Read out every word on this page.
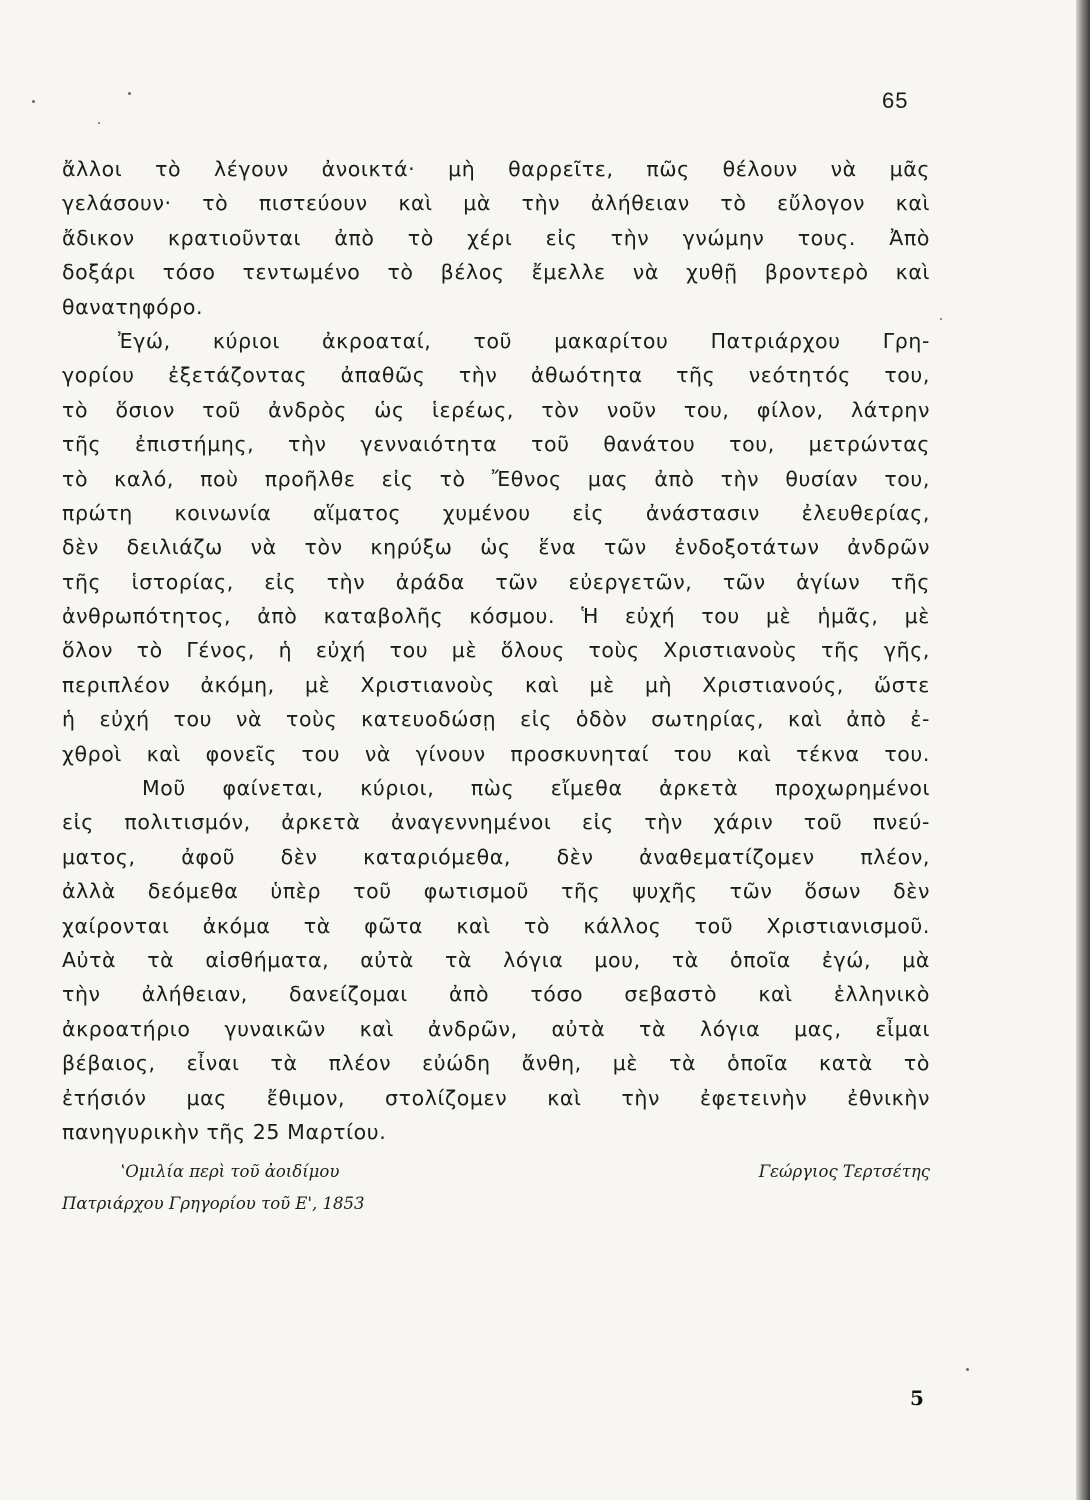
65
ἄλλοι τὸ λέγουν ἀνοικτά· μὴ θαρρεῖτε, πῶς θέλουν νὰ μᾶς
γελάσουν· τὸ πιστεύουν καὶ μὰ τὴν ἀλήθειαν τὸ εὔλογον καὶ
ἄδικον κρατιοῦνται ἀπὸ τὸ χέρι εἰς τὴν γνώμην τους. Ἀπὸ
δοξάρι τόσο τεντωμένο τὸ βέλος ἔμελλε νὰ χυθῇ βροντερὸ καὶ
θανατηφόρο.
Ἐγώ, κύριοι ἀκροαταί, τοῦ μακαρίτου Πατριάρχου Γρη-
γορίου ἐξετάζοντας ἀπαθῶς τὴν ἀθωότητα τῆς νεότητός του,
τὸ ὅσιον τοῦ ἀνδρὸς ὡς ἱερέως, τὸν νοῦν του, φίλον, λάτρην
τῆς ἐπιστήμης, τὴν γενναιότητα τοῦ θανάτου του, μετρώντας
τὸ καλό, ποὺ προῆλθε εἰς τὸ Ἔθνος μας ἀπὸ τὴν θυσίαν του,
πρώτη κοινωνία αἵματος χυμένου εἰς ἀνάστασιν ἐλευθερίας,
δὲν δειλιάζω νὰ τὸν κηρύξω ὡς ἕνα τῶν ἐνδοξοτάτων ἀνδρῶν
τῆς ἱστορίας, εἰς τὴν ἀράδα τῶν εὐεργετῶν, τῶν ἁγίων τῆς
ἀνθρωπότητος, ἀπὸ καταβολῆς κόσμου. Ἡ εὐχή του μὲ ἡμᾶς, μὲ
ὅλον τὸ Γένος, ἡ εὐχή του μὲ ὅλους τοὺς Χριστιανοὺς τῆς γῆς,
περιπλέον ἀκόμη, μὲ Χριστιανοὺς καὶ μὲ μὴ Χριστιανούς, ὥστε
ἡ εὐχή του νὰ τοὺς κατευοδώσῃ εἰς ὁδὸν σωτηρίας, καὶ ἀπὸ ἐ-
χθροὶ καὶ φονεῖς του νὰ γίνουν προσκυνηταί του καὶ τέκνα του.
Μοῦ φαίνεται, κύριοι, πὼς εἴμεθα ἀρκετὰ προχωρημένοι
εἰς πολιτισμόν, ἀρκετὰ ἀναγεννημένοι εἰς τὴν χάριν τοῦ πνεύ-
ματος, ἀφοῦ δὲν καταριόμεθα, δὲν ἀναθεματίζομεν πλέον,
ἀλλὰ δεόμεθα ὑπὲρ τοῦ φωτισμοῦ τῆς ψυχῆς τῶν ὅσων δὲν
χαίρονται ἀκόμα τὰ φῶτα καὶ τὸ κάλλος τοῦ Χριστιανισμοῦ.
Αὐτὰ τὰ αἰσθήματα, αὐτὰ τὰ λόγια μου, τὰ ὁποῖα ἐγώ, μὰ
τὴν ἀλήθειαν, δανείζομαι ἀπὸ τόσο σεβαστὸ καὶ ἑλληνικὸ
ἀκροατήριο γυναικῶν καὶ ἀνδρῶν, αὐτὰ τὰ λόγια μας, εἶμαι
βέβαιος, εἶναι τὰ πλέον εὐώδη ἄνθη, μὲ τὰ ὁποῖα κατὰ τὸ
ἐτήσιόν μας ἔθιμον, στολίζομεν καὶ τὴν ἐφετεινὴν ἐθνικὴν
πανηγυρικὴν τῆς 25 Μαρτίου.
ʽΟμιλία περὶ τοῦ ἀοιδίμου
Πατριάρχου Γρηγορίου τοῦ Ε', 1853
Γεώργιος Τερτσέτης
5
